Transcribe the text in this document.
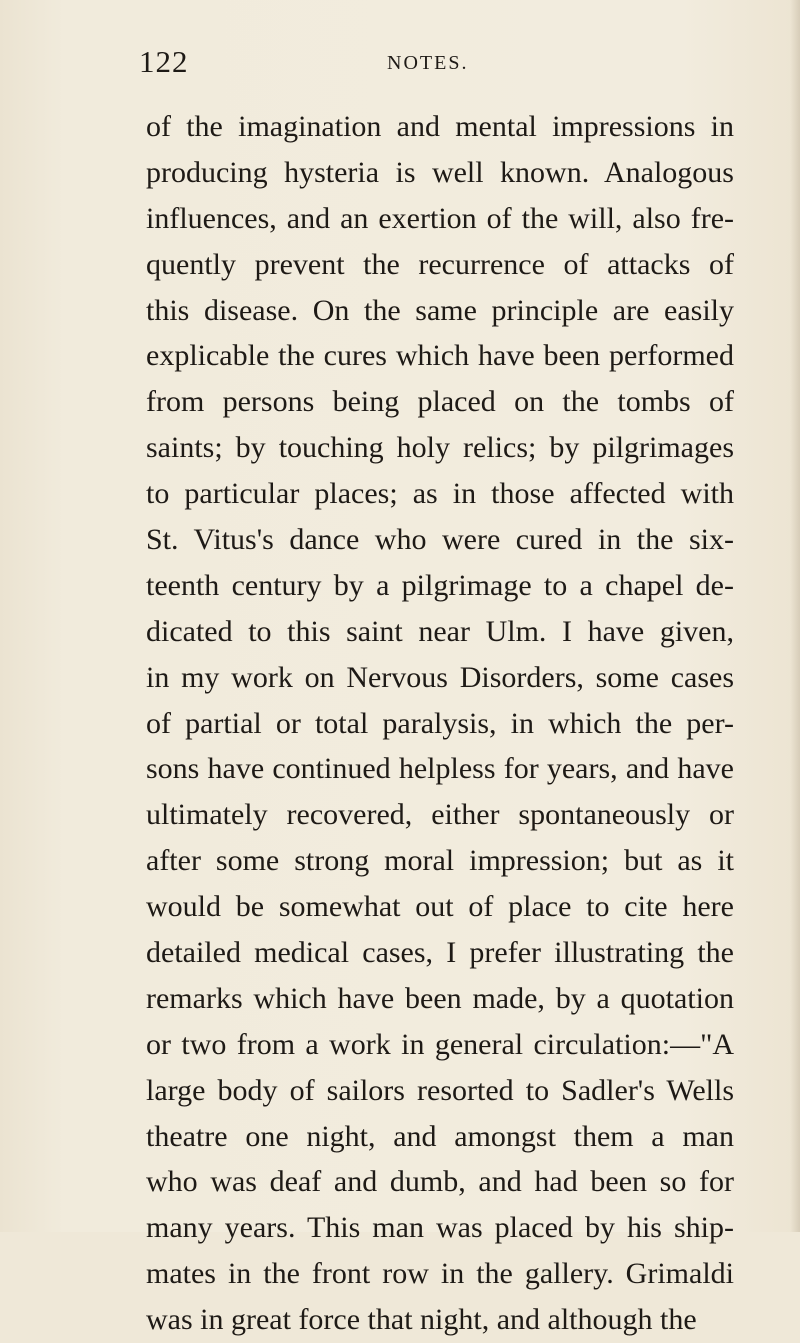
122	NOTES.
of the imagination and mental impressions in
producing hysteria is well known. Analogous
influences, and an exertion of the will, also fre-
quently prevent the recurrence of attacks of
this disease. On the same principle are easily
explicable the cures which have been performed
from persons being placed on the tombs of
saints; by touching holy relics; by pilgrimages
to particular places; as in those affected with
St. Vitus's dance who were cured in the six-
teenth century by a pilgrimage to a chapel de-
dicated to this saint near Ulm. I have given,
in my work on Nervous Disorders, some cases
of partial or total paralysis, in which the per-
sons have continued helpless for years, and have
ultimately recovered, either spontaneously or
after some strong moral impression; but as it
would be somewhat out of place to cite here
detailed medical cases, I prefer illustrating the
remarks which have been made, by a quotation
or two from a work in general circulation:—"A
large body of sailors resorted to Sadler's Wells
theatre one night, and amongst them a man
who was deaf and dumb, and had been so for
many years. This man was placed by his ship-
mates in the front row in the gallery. Grimaldi
was in great force that night, and although the
